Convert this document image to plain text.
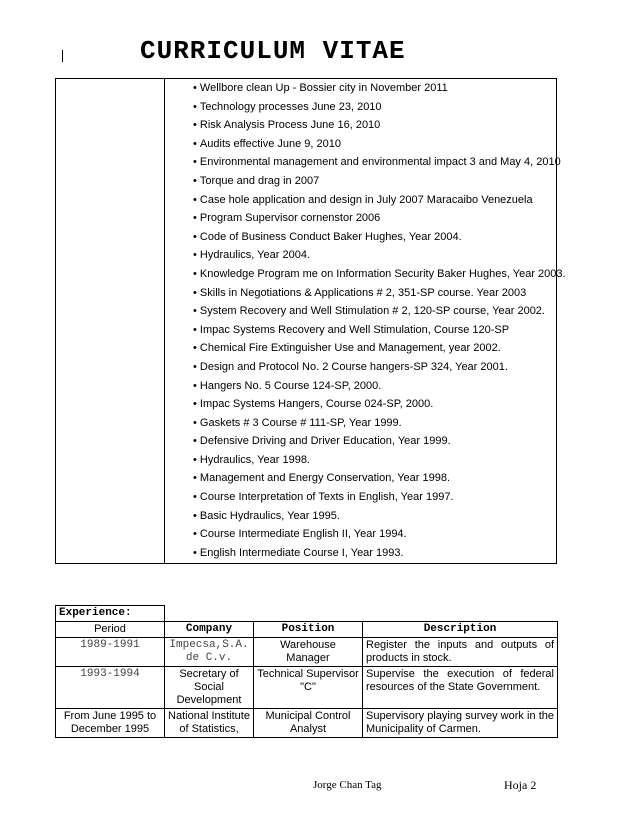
CURRICULUM VITAE
• Wellbore clean Up - Bossier city in November 2011
• Technology processes June 23, 2010
• Risk Analysis Process June 16, 2010
• Audits effective June 9, 2010
• Environmental management and environmental impact 3 and May 4, 2010
• Torque and drag in 2007
• Case hole application and design in July 2007 Maracaibo Venezuela
• Program Supervisor cornenstor 2006
• Code of Business Conduct Baker Hughes, Year 2004.
• Hydraulics, Year 2004.
• Knowledge Program me on Information Security Baker Hughes, Year 2003.
• Skills in Negotiations & Applications # 2, 351-SP course. Year 2003
• System Recovery and Well Stimulation # 2, 120-SP course, Year 2002.
• Impac Systems Recovery and Well Stimulation, Course 120-SP
• Chemical Fire Extinguisher Use and Management, year 2002.
• Design and Protocol No. 2 Course hangers-SP 324, Year 2001.
• Hangers No. 5 Course 124-SP, 2000.
• Impac Systems Hangers, Course 024-SP, 2000.
• Gaskets # 3 Course # 111-SP, Year 1999.
• Defensive Driving and Driver Education, Year 1999.
• Hydraulics, Year 1998.
• Management and Energy Conservation, Year 1998.
• Course Interpretation of Texts in English, Year 1997.
• Basic Hydraulics, Year 1995.
• Course Intermediate English II, Year 1994.
• English Intermediate Course I, Year 1993.
Experience:			
Period	Company	Position	Description
1989-1991	Impecsa,S.A. de C.v.	Warehouse Manager	Register the inputs and outputs of products in stock.
1993-1994	Secretary of Social Development	Technical Supervisor "C"	Supervise the execution of federal resources of the State Government.
From June 1995 to December 1995	National Institute of Statistics,	Municipal Control Analyst	Supervisory playing survey work in the Municipality of Carmen.
Jorge Chan Tag	Hoja 2
